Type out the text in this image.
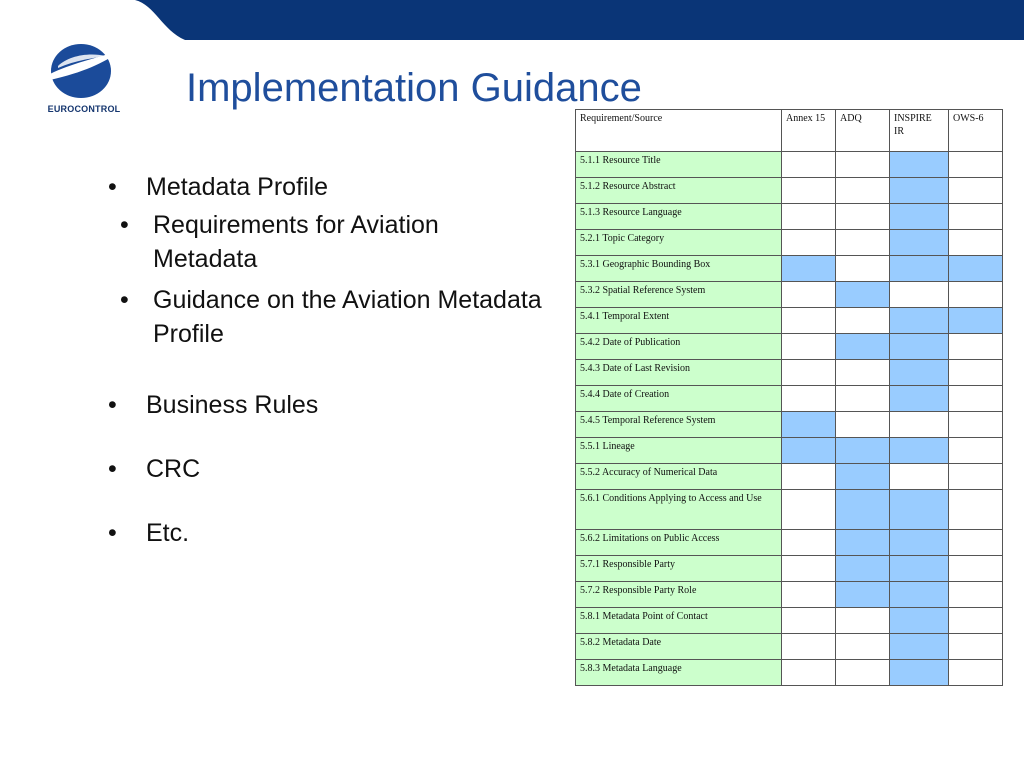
EUROCONTROL Implementation Guidance
• Metadata Profile
• Requirements for Aviation Metadata
• Guidance on the Aviation Metadata Profile
• Business Rules
• CRC
• Etc.
Requirement/Source	Annex 15	ADQ	INSPIRE IR	OWS-6
5.1.1 Resource Title				
5.1.2 Resource Abstract				
5.1.3 Resource Language				
5.2.1 Topic Category				
5.3.1 Geographic Bounding Box				
5.3.2 Spatial Reference System				
5.4.1 Temporal Extent				
5.4.2 Date of Publication				
5.4.3 Date of Last Revision				
5.4.4 Date of Creation				
5.4.5 Temporal Reference System				
5.5.1 Lineage				
5.5.2 Accuracy of Numerical Data				
5.6.1 Conditions Applying to Access and Use				
5.6.2 Limitations on Public Access				
5.7.1 Responsible Party				
5.7.2 Responsible Party Role				
5.8.1 Metadata Point of Contact				
5.8.2 Metadata Date				
5.8.3 Metadata Language				
